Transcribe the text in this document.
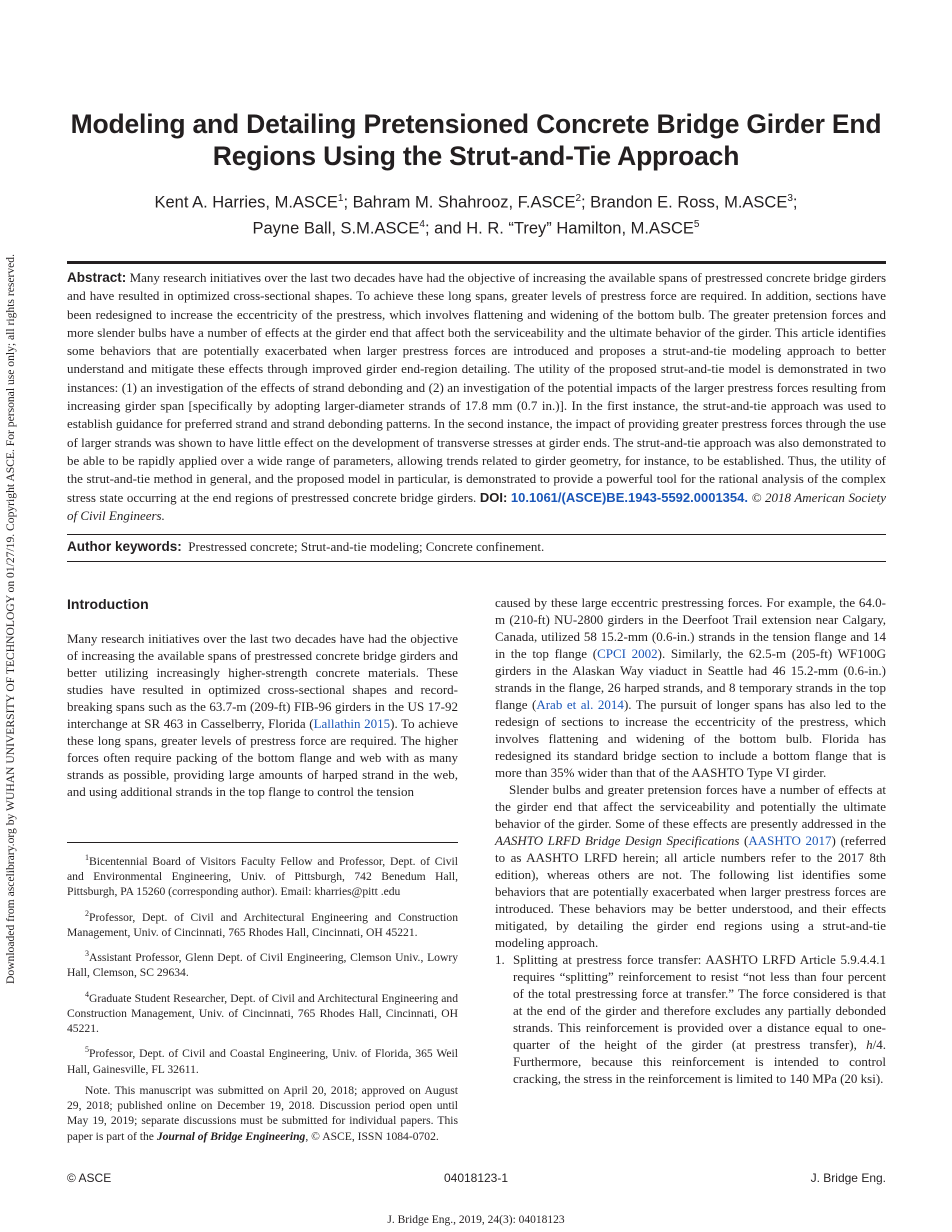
Downloaded from ascelibrary.org by WUHAN UNIVERSITY OF TECHNOLOGY on 01/27/19. Copyright ASCE. For personal use only; all rights reserved.
Modeling and Detailing Pretensioned Concrete Bridge Girder End Regions Using the Strut-and-Tie Approach
Kent A. Harries, M.ASCE$^1$; Bahram M. Shahrooz, F.ASCE$^2$; Brandon E. Ross, M.ASCE$^3$;
Payne Ball, S.M.ASCE$^4$; and H. R. “Trey” Hamilton, M.ASCE$^5$
Abstract: Many research initiatives over the last two decades have had the objective of increasing the available spans of prestressed concrete bridge girders and have resulted in optimized cross-sectional shapes. To achieve these long spans, greater levels of prestress force are required. In addition, sections have been redesigned to increase the eccentricity of the prestress, which involves flattening and widening of the bottom bulb. The greater pretension forces and more slender bulbs have a number of effects at the girder end that affect both the serviceability and the ultimate behavior of the girder. This article identifies some behaviors that are potentially exacerbated when larger prestress forces are introduced and proposes a strut-and-tie modeling approach to better understand and mitigate these effects through improved girder end-region detailing. The utility of the proposed strut-and-tie model is demonstrated in two instances: (1) an investigation of the effects of strand debonding and (2) an investigation of the potential impacts of the larger prestress forces resulting from increasing girder span [specifically by adopting larger-diameter strands of 17.8 mm (0.7 in.)]. In the first instance, the strut-and-tie approach was used to establish guidance for preferred strand and strand debonding patterns. In the second instance, the impact of providing greater prestress forces through the use of larger strands was shown to have little effect on the development of transverse stresses at girder ends. The strut-and-tie approach was also demonstrated to be able to be rapidly applied over a wide range of parameters, allowing trends related to girder geometry, for instance, to be established. Thus, the utility of the strut-and-tie method in general, and the proposed model in particular, is demonstrated to provide a powerful tool for the rational analysis of the complex stress state occurring at the end regions of prestressed concrete bridge girders. DOI: 10.1061/(ASCE)BE.1943-5592.0001354. © 2018 American Society of Civil Engineers.
Author keywords: Prestressed concrete; Strut-and-tie modeling; Concrete confinement.
Introduction

Many research initiatives over the last two decades have had the objective of increasing the available spans of prestressed concrete bridge girders and better utilizing increasingly higher-strength concrete materials. These studies have resulted in optimized cross-sectional shapes and record-breaking spans such as the 63.7-m (209-ft) FIB-96 girders in the US 17-92 interchange at SR 463 in Casselberry, Florida (Lallathin 2015). To achieve these long spans, greater levels of prestress force are required. The higher forces often require packing of the bottom flange and web with as many strands as possible, providing large amounts of harped strand in the web, and using additional strands in the top flange to control the tension

$^1$Bicentennial Board of Visitors Faculty Fellow and Professor, Dept. of Civil and Environmental Engineering, Univ. of Pittsburgh, 742 Benedum Hall, Pittsburgh, PA 15260 (corresponding author). Email: kharries@pitt .edu

$^2$Professor, Dept. of Civil and Architectural Engineering and Construction Management, Univ. of Cincinnati, 765 Rhodes Hall, Cincinnati, OH 45221.

$^3$Assistant Professor, Glenn Dept. of Civil Engineering, Clemson Univ., Lowry Hall, Clemson, SC 29634.

$^4$Graduate Student Researcher, Dept. of Civil and Architectural Engineering and Construction Management, Univ. of Cincinnati, 765 Rhodes Hall, Cincinnati, OH 45221.

$^5$Professor, Dept. of Civil and Coastal Engineering, Univ. of Florida, 365 Weil Hall, Gainesville, FL 32611.

Note. This manuscript was submitted on April 20, 2018; approved on August 29, 2018; published online on December 19, 2018. Discussion period open until May 19, 2019; separate discussions must be submitted for individual papers. This paper is part of the Journal of Bridge Engineering, © ASCE, ISSN 1084-0702.

caused by these large eccentric prestressing forces. For example, the 64.0-m (210-ft) NU-2800 girders in the Deerfoot Trail extension near Calgary, Canada, utilized 58 15.2-mm (0.6-in.) strands in the tension flange and 14 in the top flange (CPCI 2002). Similarly, the 62.5-m (205-ft) WF100G girders in the Alaskan Way viaduct in Seattle had 46 15.2-mm (0.6-in.) strands in the flange, 26 harped strands, and 8 temporary strands in the top flange (Arab et al. 2014). The pursuit of longer spans has also led to the redesign of sections to increase the eccentricity of the prestress, which involves flattening and widening of the bottom bulb. Florida has redesigned its standard bridge section to include a bottom flange that is more than 35% wider than that of the AASHTO Type VI girder.

Slender bulbs and greater pretension forces have a number of effects at the girder end that affect the serviceability and potentially the ultimate behavior of the girder. Some of these effects are presently addressed in the AASHTO LRFD Bridge Design Specifications (AASHTO 2017) (referred to as AASHTO LRFD herein; all article numbers refer to the 2017 8th edition), whereas others are not. The following list identifies some behaviors that are potentially exacerbated when larger prestress forces are introduced. These behaviors may be better understood, and their effects mitigated, by detailing the girder end regions using a strut-and-tie modeling approach.

1. Splitting at prestress force transfer: AASHTO LRFD Article 5.9.4.4.1 requires “splitting” reinforcement to resist “not less than four percent of the total prestressing force at transfer.” The force considered is that at the end of the girder and therefore excludes any partially debonded strands. This reinforcement is provided over a distance equal to one-quarter of the height of the girder (at prestress transfer), h/4. Furthermore, because this reinforcement is intended to control cracking, the stress in the reinforcement is limited to 140 MPa (20 ksi).
© ASCE	04018123-1	J. Bridge Eng.
J. Bridge Eng., 2019, 24(3): 04018123
